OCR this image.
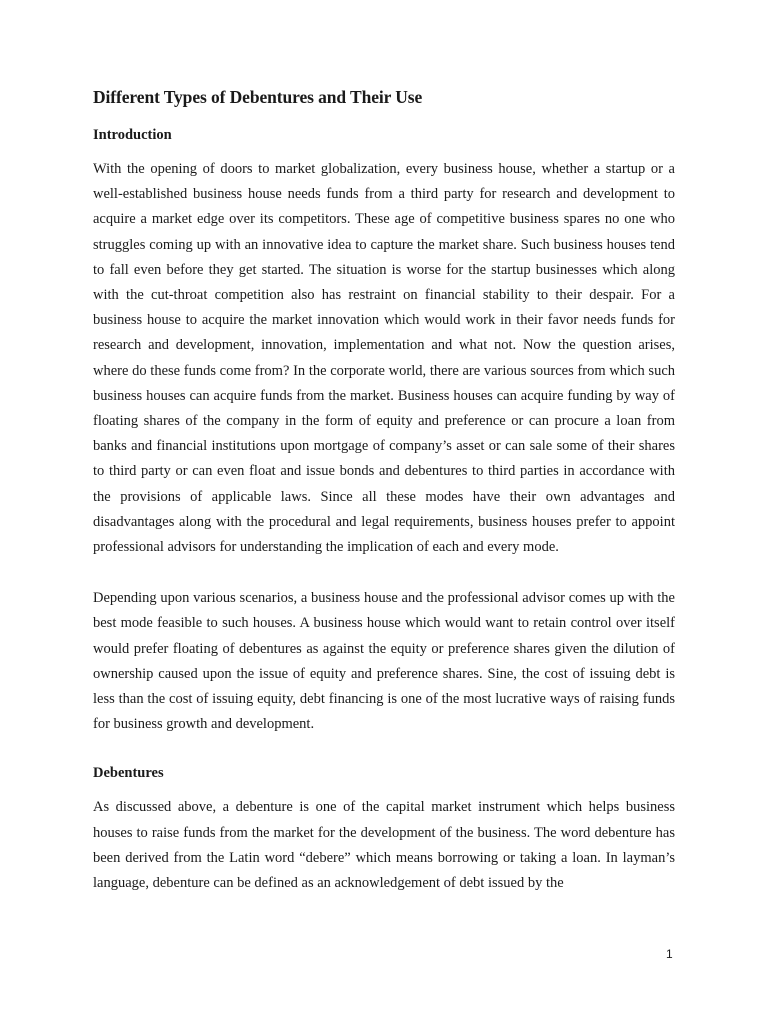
Different Types of Debentures and Their Use
Introduction

With the opening of doors to market globalization, every business house, whether a startup or a well-established business house needs funds from a third party for research and development to acquire a market edge over its competitors. These age of competitive business spares no one who struggles coming up with an innovative idea to capture the market share. Such business houses tend to fall even before they get started. The situation is worse for the startup businesses which along with the cut-throat competition also has restraint on financial stability to their despair. For a business house to acquire the market innovation which would work in their favor needs funds for research and development, innovation, implementation and what not. Now the question arises, where do these funds come from? In the corporate world, there are various sources from which such business houses can acquire funds from the market. Business houses can acquire funding by way of floating shares of the company in the form of equity and preference or can procure a loan from banks and financial institutions upon mortgage of company’s asset or can sale some of their shares to third party or can even float and issue bonds and debentures to third parties in accordance with the provisions of applicable laws. Since all these modes have their own advantages and disadvantages along with the procedural and legal requirements, business houses prefer to appoint professional advisors for understanding the implication of each and every mode.

Depending upon various scenarios, a business house and the professional advisor comes up with the best mode feasible to such houses. A business house which would want to retain control over itself would prefer floating of debentures as against the equity or preference shares given the dilution of ownership caused upon the issue of equity and preference shares. Sine, the cost of issuing debt is less than the cost of issuing equity, debt financing is one of the most lucrative ways of raising funds for business growth and development.

Debentures

As discussed above, a debenture is one of the capital market instrument which helps business houses to raise funds from the market for the development of the business. The word debenture has been derived from the Latin word “debere” which means borrowing or taking a loan. In layman’s language, debenture can be defined as an acknowledgement of debt issued by the

1
